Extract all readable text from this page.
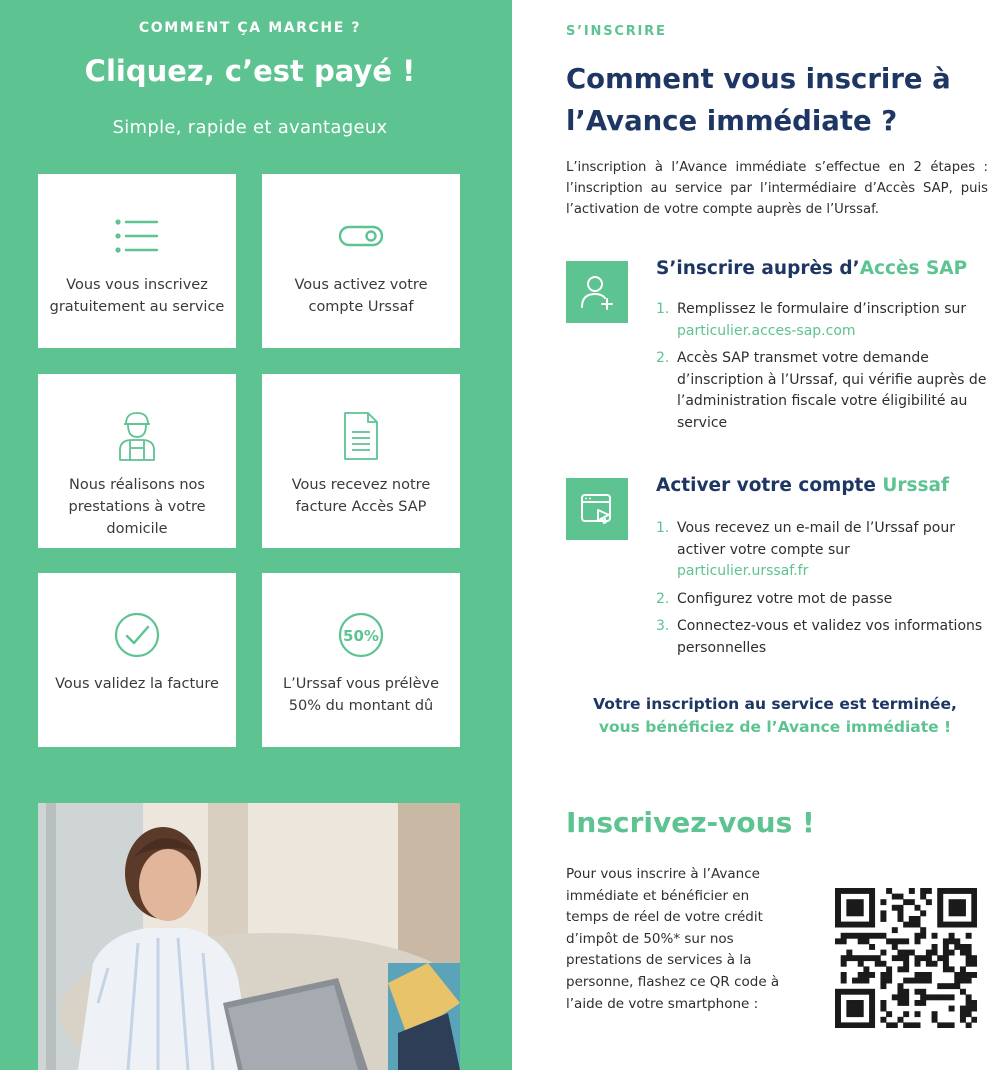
COMMENT ÇA MARCHE ?
Cliquez, c’est payé !
Simple, rapide et avantageux
Vous vous inscrivez gratuitement au service
Vous activez votre compte Urssaf
Nous réalisons nos prestations à votre domicile
Vous recevez notre facture Accès SAP
Vous validez la facture
50%
L’Urssaf vous prélève 50% du montant dû
S’INSCRIRE
Comment vous inscrire à l’Avance immédiate ?
L’inscription à l’Avance immédiate s’effectue en 2 étapes : l’inscription au service par l’intermédiaire d’Accès SAP, puis l’activation de votre compte auprès de l’Urssaf.
S’inscrire auprès d’Accès SAP
1. Remplissez le formulaire d’inscription sur
particulier.acces-sap.com
2. Accès SAP transmet votre demande d’inscription à l’Urssaf, qui vérifie auprès de l’administration fiscale votre éligibilité au service
Activer votre compte Urssaf
1. Vous recevez un e-mail de l’Urssaf pour activer votre compte sur
particulier.urssaf.fr
2. Configurez votre mot de passe
3. Connectez-vous et validez vos informations personnelles
Votre inscription au service est terminée,
vous bénéficiez de l’Avance immédiate !
Inscrivez-vous !
Pour vous inscrire à l’Avance immédiate et bénéficier en temps de réel de votre crédit d’impôt de 50%* sur nos prestations de services à la personne, flashez ce QR code à l’aide de votre smartphone :
